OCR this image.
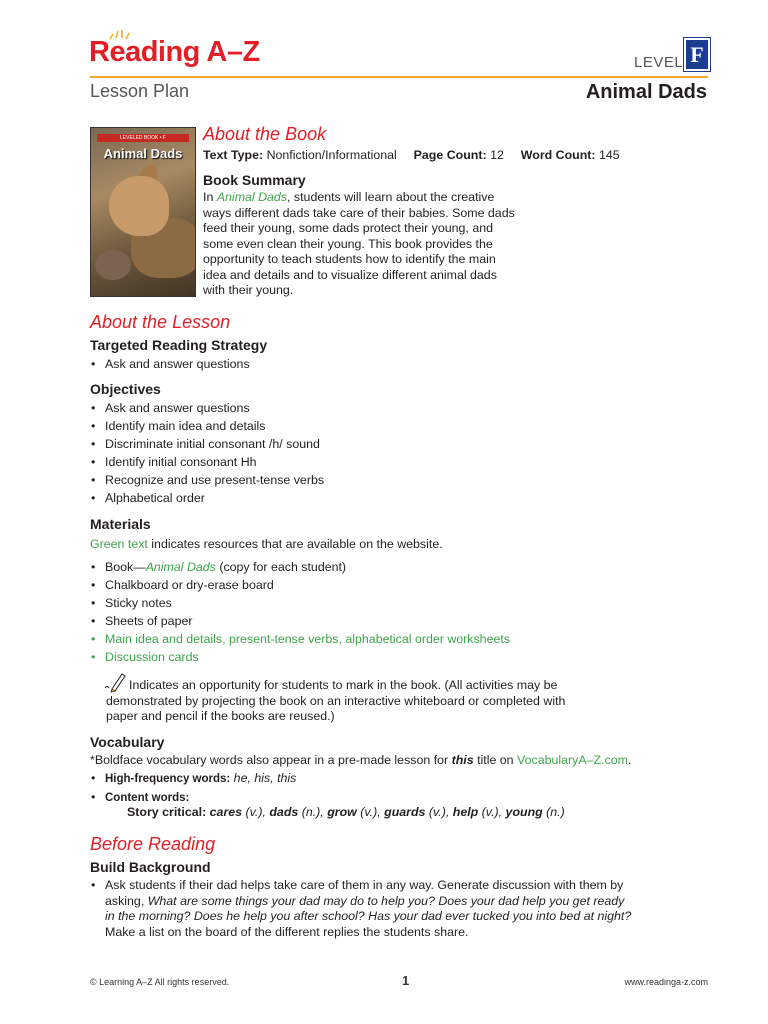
Reading A–Z	LEVEL F
Lesson Plan	Animal Dads
LEVELED BOOK • F
Animal Dads
About the Book
Text Type: Nonfiction/Informational Page Count: 12 Word Count: 145
Book Summary
In Animal Dads, students will learn about the creative
ways different dads take care of their babies. Some dads
feed their young, some dads protect their young, and
some even clean their young. This book provides the
opportunity to teach students how to identify the main
idea and details and to visualize different animal dads
with their young.
About the Lesson
Targeted Reading Strategy
• Ask and answer questions
Objectives
• Ask and answer questions
• Identify main idea and details
• Discriminate initial consonant /h/ sound
• Identify initial consonant Hh
• Recognize and use present-tense verbs
• Alphabetical order
Materials
Green text indicates resources that are available on the website.
• Book—Animal Dads (copy for each student)
• Chalkboard or dry-erase board
• Sticky notes
• Sheets of paper
• Main idea and details, present-tense verbs, alphabetical order worksheets
• Discussion cards
Indicates an opportunity for students to mark in the book. (All activities may be
demonstrated by projecting the book on an interactive whiteboard or completed with
paper and pencil if the books are reused.)
Vocabulary
*Boldface vocabulary words also appear in a pre-made lesson for this title on VocabularyA–Z.com.
• High-frequency words: he, his, this
• Content words:
Story critical: cares (v.), dads (n.), grow (v.), guards (v.), help (v.), young (n.)
Before Reading
Build Background
• Ask students if their dad helps take care of them in any way. Generate discussion with them by
asking, What are some things your dad may do to help you? Does your dad help you get ready
in the morning? Does he help you after school? Has your dad ever tucked you into bed at night?
Make a list on the board of the different replies the students share.
© Learning A–Z All rights reserved.	1	www.readinga-z.com
